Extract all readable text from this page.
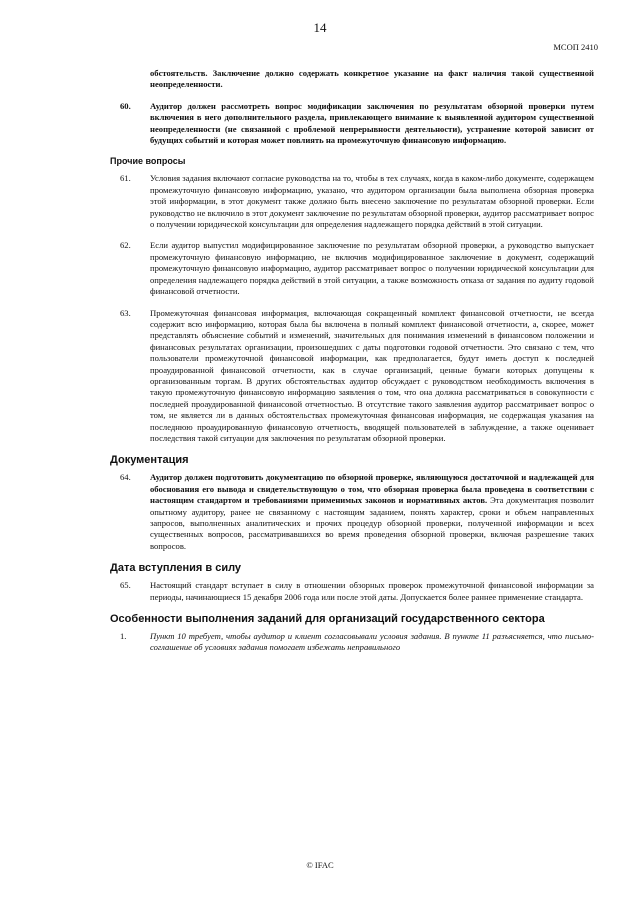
14
МСОП 2410

обстоятельств. Заключение должно содержать конкретное указание на факт наличия такой существенной неопределенности.

60. Аудитор должен рассмотреть вопрос модификации заключения по результатам обзорной проверки путем включения в него дополнительного раздела, привлекающего внимание к выявленной аудитором существенной неопределенности (не связанной с проблемой непрерывности деятельности), устранение которой зависит от будущих событий и которая может повлиять на промежуточную финансовую информацию.

Прочие вопросы
61. Условия задания включают согласие руководства на то, чтобы в тех случаях, когда в каком-либо документе, содержащем промежуточную финансовую информацию, указано, что аудитором организации была выполнена обзорная проверка этой информации, в этот документ также должно быть внесено заключение по результатам обзорной проверки. Если руководство не включило в этот документ заключение по результатам обзорной проверки, аудитор рассматривает вопрос о получении юридической консультации для определения надлежащего порядка действий в этой ситуации.

62. Если аудитор выпустил модифицированное заключение по результатам обзорной проверки, а руководство выпускает промежуточную финансовую информацию, не включив модифицированное заключение в документ, содержащий промежуточную финансовую информацию, аудитор рассматривает вопрос о получении юридической консультации для определения надлежащего порядка действий в этой ситуации, а также возможность отказа от задания по аудиту годовой финансовой отчетности.

63. Промежуточная финансовая информация, включающая сокращенный комплект финансовой отчетности, не всегда содержит всю информацию, которая была бы включена в полный комплект финансовой отчетности, а, скорее, может представлять объяснение событий и изменений, значительных для понимания изменений в финансовом положении и финансовых результатах организации, произошедших с даты подготовки годовой отчетности. Это связано с тем, что пользователи промежуточной финансовой информации, как предполагается, будут иметь доступ к последней проаудированной финансовой отчетности, как в случае организаций, ценные бумаги которых допущены к организованным торгам. В других обстоятельствах аудитор обсуждает с руководством необходимость включения в такую промежуточную финансовую информацию заявления о том, что она должна рассматриваться в совокупности с последней проаудированной финансовой отчетностью. В отсутствие такого заявления аудитор рассматривает вопрос о том, не является ли в данных обстоятельствах промежуточная финансовая информация, не содержащая указания на последнюю проаудированную финансовую отчетность, вводящей пользователей в заблуждение, а также оценивает последствия такой ситуации для заключения по результатам обзорной проверки.

Документация
64. Аудитор должен подготовить документацию по обзорной проверке, являющуюся достаточной и надлежащей для обоснования его вывода и свидетельствующую о том, что обзорная проверка была проведена в соответствии с настоящим стандартом и требованиями применимых законов и нормативных актов. Эта документация позволит опытному аудитору, ранее не связанному с настоящим заданием, понять характер, сроки и объем направленных запросов, выполненных аналитических и прочих процедур обзорной проверки, полученной информации и всех существенных вопросов, рассматривавшихся во время проведения обзорной проверки, включая разрешение таких вопросов.

Дата вступления в силу
65. Настоящий стандарт вступает в силу в отношении обзорных проверок промежуточной финансовой информации за периоды, начинающиеся 15 декабря 2006 года или после этой даты. Допускается более раннее применение стандарта.

Особенности выполнения заданий для организаций государственного сектора
1.	Пункт 10 требует, чтобы аудитор и клиент согласовывали условия задания. В пункте 11 разъясняется, что письмо-соглашение об условиях задания помогает избежать неправильного

© IFAC
